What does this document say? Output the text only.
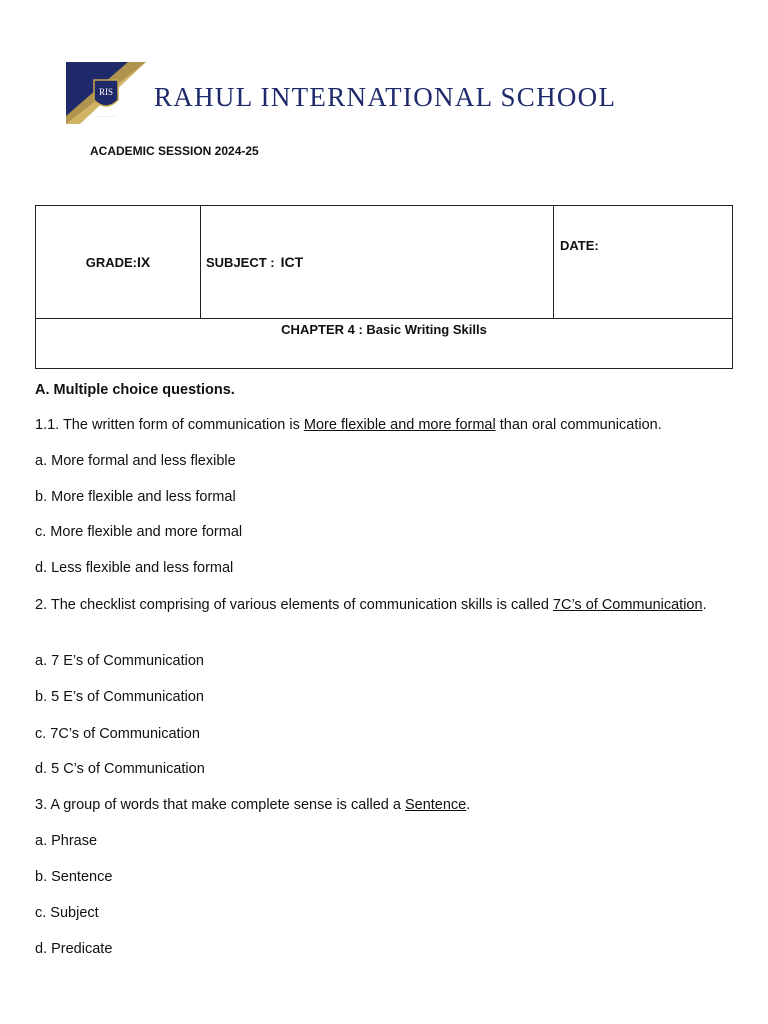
RIS
· · · · · · · · ·
RAHUL INTERNATIONAL SCHOOL
ACADEMIC SESSION 2024-25
GRADE:IX	SUBJECT : ICT	DATE:
CHAPTER 4 : Basic Writing Skills

A. Multiple choice questions.

1.1. The written form of communication is More flexible and more formal than oral communication.

a. More formal and less flexible

b. More flexible and less formal

c. More flexible and more formal

d. Less flexible and less formal

2. The checklist comprising of various elements of communication skills is called 7C’s of Communication.

a. 7 E’s of Communication

b. 5 E’s of Communication

c. 7C’s of Communication

d. 5 C’s of Communication

3. A group of words that make complete sense is called a Sentence.

a. Phrase

b. Sentence

c. Subject

d. Predicate
